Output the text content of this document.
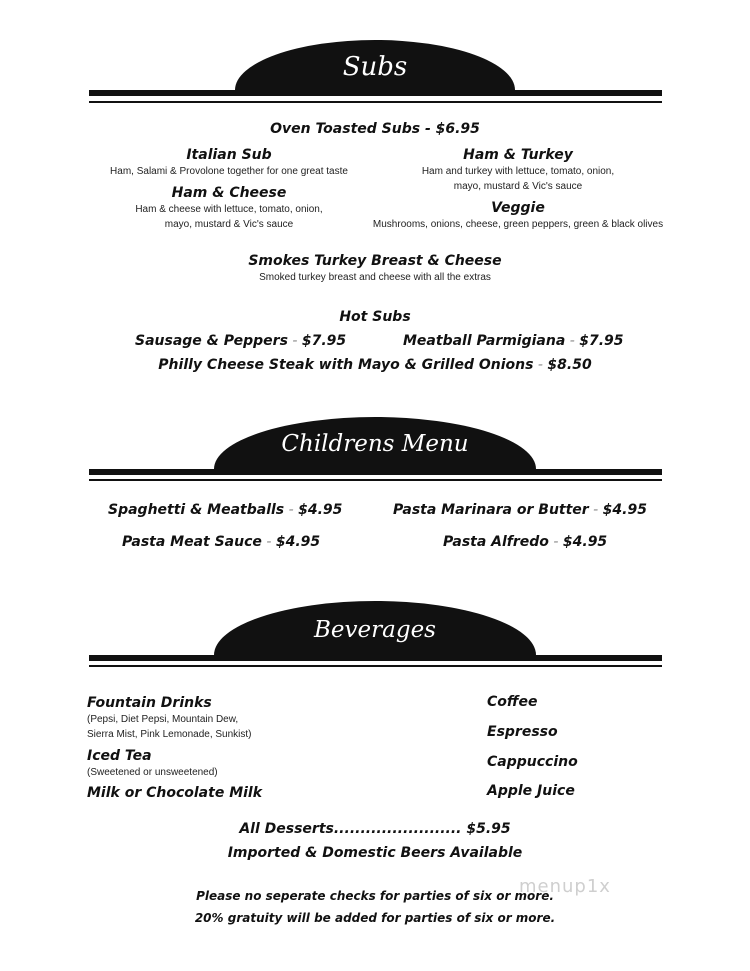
Subs
Oven Toasted Subs - $6.95
Italian Sub
Ham, Salami & Provolone together for one great taste
Ham & Cheese
Ham & cheese with lettuce, tomato, onion,
mayo, mustard & Vic's sauce
Ham & Turkey
Ham and turkey with lettuce, tomato, onion,
mayo, mustard & Vic's sauce
Veggie
Mushrooms, onions, cheese, green peppers, green & black olives
Smokes Turkey Breast & Cheese
Smoked turkey breast and cheese with all the extras
Hot Subs
Sausage & Peppers - $7.95	Meatball Parmigiana - $7.95
Philly Cheese Steak with Mayo & Grilled Onions - $8.50
Childrens Menu
Spaghetti & Meatballs - $4.95	Pasta Marinara or Butter - $4.95
Pasta Meat Sauce - $4.95	Pasta Alfredo - $4.95
Beverages
Fountain Drinks
(Pepsi, Diet Pepsi, Mountain Dew,
Sierra Mist, Pink Lemonade, Sunkist)
Iced Tea
(Sweetened or unsweetened)
Milk or Chocolate Milk
Coffee
Espresso
Cappuccino
Apple Juice
All Desserts........................ $5.95
Imported & Domestic Beers Available
menup1x
Please no seperate checks for parties of six or more.
20% gratuity will be added for parties of six or more.
